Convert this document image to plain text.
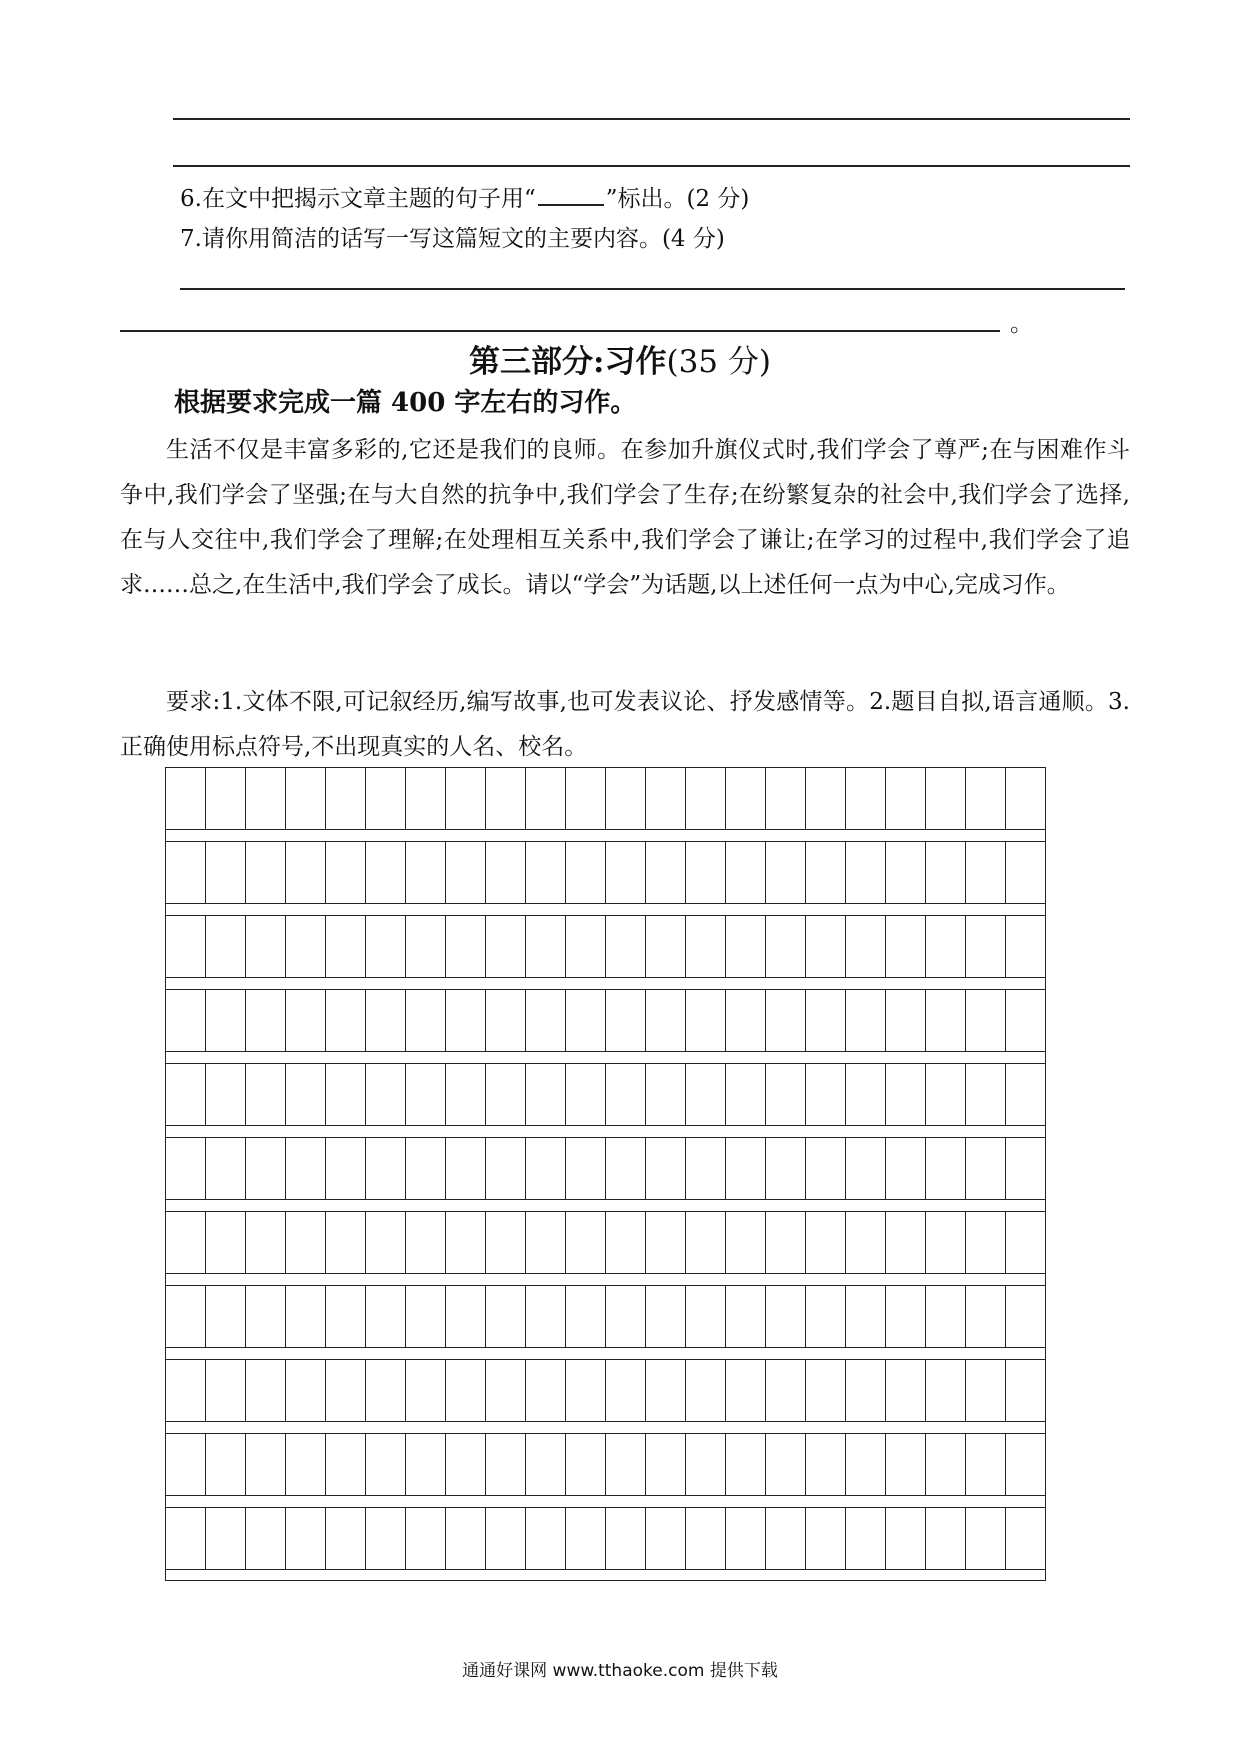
6.在文中把揭示文章主题的句子用“	”标出。(2 分)
7.请你用简洁的话写一写这篇短文的主要内容。(4 分)
。
第三部分:习作(35 分)
根据要求完成一篇 400 字左右的习作。
生活不仅是丰富多彩的,它还是我们的良师。在参加升旗仪式时,我们学会了尊严;在与困难作斗争中,我们学会了坚强;在与大自然的抗争中,我们学会了生存;在纷繁复杂的社会中,我们学会了选择,在与人交往中,我们学会了理解;在处理相互关系中,我们学会了谦让;在学习的过程中,我们学会了追求……总之,在生活中,我们学会了成长。请以“学会”为话题,以上述任何一点为中心,完成习作。
要求:1.文体不限,可记叙经历,编写故事,也可发表议论、抒发感情等。2.题目自拟,语言通顺。3.正确使用标点符号,不出现真实的人名、校名。
通通好课网 www.tthaoke.com 提供下载
